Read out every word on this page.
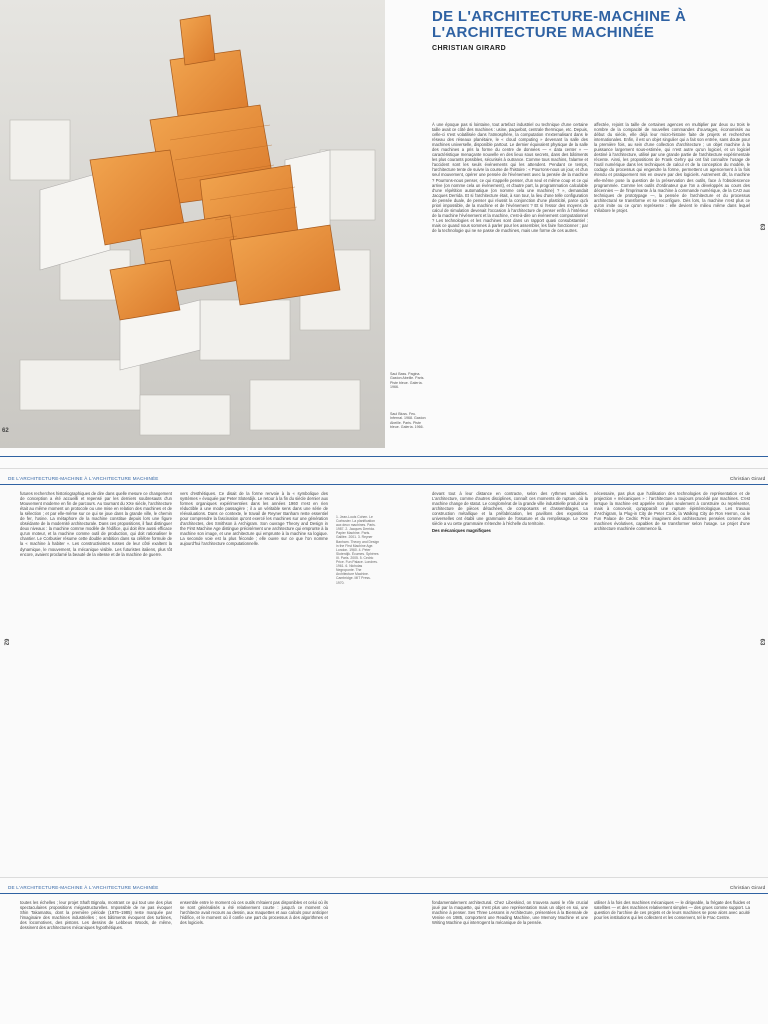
Saul Bass. Pagina. Gaston Abeille. Paris. Piste bleue. Galería. 1966.
Saul Bluss. Feu. Infernal. 1968. Gaston Abeille. Paris. Piste bleue. Galería. 1966.
62
63
DE L'ARCHITECTURE-MACHINE À L'ARCHITECTURE MACHINÉE
CHRISTIAN GIRARD
À une époque pas si lointaine, tout artefact industriel ou technique d'une certaine taille avait ce côté des machines : usine, paquebot, centrale thermique, etc. Depuis, celle-ci s'est volatilisée dans l'atmosphère, la computation s'externalisant dans le réseau des réseaux planétaire, le « cloud computing » devenant la salle des machines universelle, disponible partout. Le dernier équivalent physique de la salle des machines a pris la forme du centre de données — « data center » — caractéristique menaçante nouvelle en des lieux sous secrets, dans des bâtiments les plus courants possibles, sécurisés à outrance. Comme tous machins, l'alarme et l'accident sont les seuls événements qui les attendent. Pendant ce temps, l'architecture tente de suivre la course de l'histoire : « Pourrons-nous un jour, et d'un seul mouvement, opérer une pensée de l'événement avec la pensée de la machine ? Pourrons-nous penser, ce qui s'appelle penser, d'un seul et même coup et ce qui arrive (on nomme cela un événement), et d'autre part, la programmation calculable d'une répétition automatique (on nomme cela une machine) ? », demandait Jacques Derrida. Et si l'architecture était, à son tour, la lieu d'une telle configuration de pensée duale, de penser qui réussit la conjonction d'une plasticité, parce qu'à priori impossible, de la machine et de l'événement ? Et si l'essor des moyens de calcul de simulation devenait l'occasion à l'architecture de penser enfin à l'intérieur de la machine l'événement et la machine, c'est-à-dire un événement computationnel ? Les technologies et les machines sont dans un rapport quasi consubstantiel ; mais ce quand nous sommes à parler pour les assembler, les faire fonctionner ; par de la technologie qui ne se passe de machines, mais une forme de ces autres.
affectée, rejoint la taille de certaines agences en multiplier par deux ou trois le nombre de la compacité de nouvelles commandes d'ouvrages, économisés au début du siècle, elle déjà leur micro-histoire faite de projets et recherches internationales. Enfin, il est un objet singulier qui a fait son entrée, sans doute pour la première fois, au sein d'une collection d'architecture ; un objet machine à la puissance largement sous-estimée, qui n'est autre qu'un logiciel, et un logiciel destiné à l'architecture, utilisé par une grande partie de l'architecture expérimentale récente. Ainsi, les propositions de Frank Gehry qui ont fait connaître l'usage de l'outil numérique dans les techniques de calcul et de la conception du modèle, le codage du processus qui engendre la forme, permettent un agencement à la fois étendu et pratiquement mis en œuvre par des logiciels. Autrement dit, la machine elle-même pose la question de la préservation des outils, face à l'obsolescence programmée. Comme les outils d'ordinateur que l'on a développés au cours des décennies — de l'imprimante à la machine à commande numérique, de la CAO aux techniques de prototypage —, la pensée de l'architecture et du processus architectural se transforme et se reconfigure. Dès lors, la machine n'est plus ce qu'on imite ou ce qu'on représente : elle devient le milieu même dans lequel s'élabore le projet.
DE L'ARCHITECTURE-MACHINE À L'ARCHITECTURE MACHINÉE	Christian Girard
62	63
futures recherches historiographiques de dire dans quelle mesure ce changement de conception a été accueilli et repensé par les derniers soubresauts d'un Mouvement moderne en fin de parcours. Au tournant du XXe siècle, l'architecture était au même moment un protocole ou une mise en relation des machines et de la sélection ; et par elle-même sur ce qui se joue dans la grande ville, le chemin de fer, l'usine. La métaphore de la machine constitue depuis lors une figure obsédante de la modernité architecturale. Dans ces propositions, il faut distinguer deux niveaux : la machine comme modèle de l'édifice, qui doit être aussi efficace qu'un moteur, et la machine comme outil de production, qui doit rationaliser le chantier. Le Corbusier résume cette double ambition dans sa célèbre formule de la « machine à habiter ». Les constructivistes russes de leur côté exaltent la dynamique, le mouvement, la mécanique visible. Les futuristes italiens, plus tôt encore, avaient proclamé la beauté de la vitesse et de la machine de guerre.
vers d'esthétiques. Ce disait de la forme renvoie à la « symbolique des systèmes » évoquée par Peter Sloterdijk. Le retour à la fin du siècle dernier aux formes organiques expérimentées dans les années 1960 n'est en rien réductible à une mode passagère ; il a un véritable sens dans une série de réévaluations. Dans ce contexte, le travail de Reyner Banham reste essentiel pour comprendre la fascination qu'ont exercé les machines sur une génération d'architectes, des Smithson à Archigram. Son ouvrage Theory and Design in the First Machine Age distingue précisément une architecture qui emprunte à la machine son image, et une architecture qui emprunte à la machine sa logique. La seconde voie est la plus féconde ; elle ouvre sur ce que l'on nomme aujourd'hui l'architecture computationnelle.
1. Jean-Louis Cohen. Le Corbusier. La planification aux deux machines. Paris. 1987. 2. Jacques Derrida. Papier Machine. Paris. Galilée. 2001. 3. Reyner Banham. Theory and Design in the First Machine Age. London. 1960. 4. Peter Sloterdijk. Écumes. Sphères III. Paris. 2005. 5. Cedric Price. Fun Palace. Londres. 1961. 6. Nicholas Negroponte. The Architecture Machine. Cambridge. MIT Press. 1970.
devant tout à leur distance en contracte, selon des rythmes variables. L'architecture, comme d'autres disciplines, connaît ces moments de rupture, où la machine change de statut. Le conglomérat de la grande ville industrielle produit une architecture de pièces détachées, de composants et d'assemblages. La construction métallique et la préfabrication, les pavillons des expositions universelles ont établi une grammaire de l'ossature et du remplissage. Le XXe siècle a vu cette grammaire s'étendre à l'échelle du territoire.
Des mécaniques magnifiques
nécessaire, pas plus que l'utilisation des technologies de représentation et de projection « mécaniques » : l'architecture a toujours procédé par machines. C'est lorsque la machine est appelée non plus seulement à construire ou représenter, mais à concevoir, qu'apparaît une rupture épistémologique. Les travaux d'Archigram, la Plug-in City de Peter Cook, la Walking City de Ron Herron, ou le Fun Palace de Cedric Price imaginent des architectures pensées comme des machines évolutives, capables de se transformer selon l'usage. Le projet d'une architecture machinée commence là.
DE L'ARCHITECTURE-MACHINE À L'ARCHITECTURE MACHINÉE	Christian Girard
toutes les échelles ; leur projet Shaft Bignola, montrant ce qui tout une des plus spectaculaires propositions mégastructurelles. Impossible de ne pas évoquer Shin Takamatsu, dont la première période (1975–1985) reste marquée par l'imaginaire des machines industrielles ; ses bâtiments évoquent des turbines, des locomotives, des pistons. Les dessins de Lebbeus Woods, de même, dessinent des architectures mécaniques hypothétiques.
ensemble entre le moment où ces outils n'étaient pas disponibles et celui où ils se sont généralisés a été relativement courte : jusqu'à ce moment où l'architecte avait recours au dessin, aux maquettes et aux calculs pour anticiper l'édifice, et le moment où il confie une part du processus à des algorithmes et des logiciels.
fondamentalement architectural. Chez Libeskind, on trouvera aussi le rôle crucial joué par la maquette, qui n'est plus une représentation mais un objet en soi, une machine à penser. Ses Three Lessons in Architecture, présentées à la Biennale de Venise en 1985, comportent une Reading Machine, une Memory Machine et une Writing Machine qui interrogent la mécanique de la pensée.
utiliser à la fois des machines mécaniques — le dirigeable, la frégate des fluides et satellites — et des machines relativement simples — des grues comme support. La question de l'archive de ces projets et de leurs machines se pose alors avec acuité pour les institutions qui les collectent et les conservent, tel le Frac Centre.
